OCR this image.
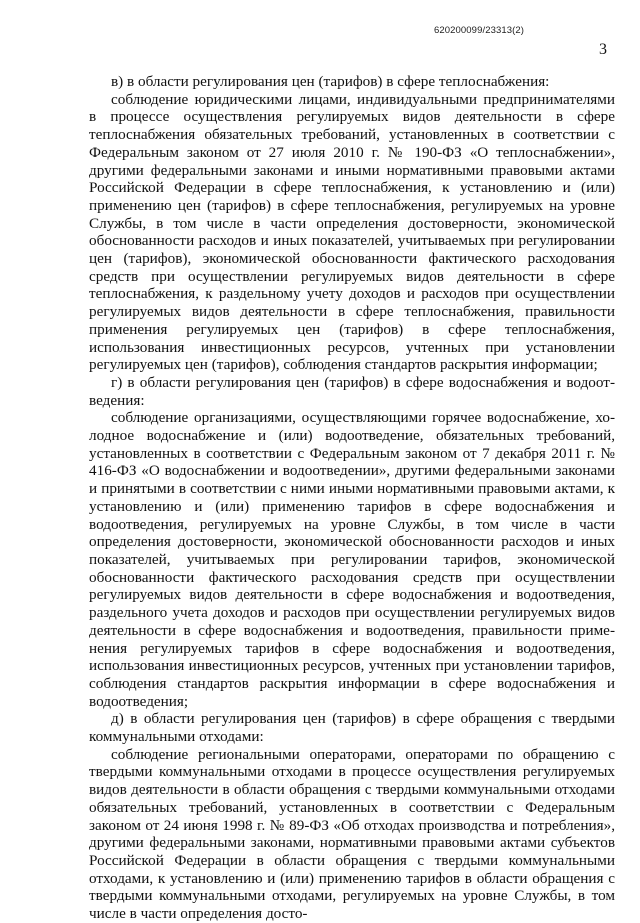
620200099/23313(2)
3

в) в области регулирования цен (тарифов) в сфере теплоснабжения:

соблюдение юридическими лицами, индивидуальными предпринимателями в процессе осуществления регулируемых видов деятельности в сфере теплоснабжения обязательных требований, установленных в соответствии с Федеральным законом от 27 июля 2010 г. № 190-ФЗ «О теплоснабжении», другими федеральными законами и иными нормативными правовыми актами Российской Федерации в сфере теплоснабжения, к установлению и (или) применению цен (тарифов) в сфере теплоснабжения, регулируемых на уровне Службы, в том числе в части определения достоверности, экономической обоснованности расходов и иных показателей, учитываемых при регулировании цен (тарифов), экономической обоснованности фактического расходования средств при осуществлении регулируемых видов деятельности в сфере теплоснабжения, к раздельному учету доходов и расходов при осуществлении регулируемых видов деятельности в сфере теплоснабжения, правильности применения регулируемых цен (тарифов) в сфере теплоснабжения, использования инвестиционных ресурсов, учтенных при установлении регулируемых цен (тарифов), соблюдения стандартов раскрытия информации;

г) в области регулирования цен (тарифов) в сфере водоснабжения и водоотведения:

соблюдение организациями, осуществляющими горячее водоснабжение, холодное водоснабжение и (или) водоотведение, обязательных требований, установленных в соответствии с Федеральным законом от 7 декабря 2011 г. № 416-ФЗ «О водоснабжении и водоотведении», другими федеральными законами и принятыми в соответствии с ними иными нормативными правовыми актами, к установлению и (или) применению тарифов в сфере водоснабжения и водоотведения, регулируемых на уровне Службы, в том числе в части определения достоверности, экономической обоснованности расходов и иных показателей, учитываемых при регулировании тарифов, экономической обоснованности фактического расходования средств при осуществлении регулируемых видов деятельности в сфере водоснабжения и водоотведения, раздельного учета доходов и расходов при осуществлении регулируемых видов деятельности в сфере водоснабжения и водоотведения, правильности применения регулируемых тарифов в сфере водоснабжения и водоотведения, использования инвестиционных ресурсов, учтенных при установлении тарифов, соблюдения стандартов раскрытия информации в сфере водоснабжения и водоотведения;

д) в области регулирования цен (тарифов) в сфере обращения с твердыми коммунальными отходами:

соблюдение региональными операторами, операторами по обращению с твердыми коммунальными отходами в процессе осуществления регулируемых видов деятельности в области обращения с твердыми коммунальными отходами обязательных требований, установленных в соответствии с Федеральным законом от 24 июня 1998 г. № 89-ФЗ «Об отходах производства и потребления», другими федеральными законами, нормативными правовыми актами субъектов Российской Федерации в области обращения с твердыми коммунальными отходами, к установлению и (или) применению тарифов в области обращения с твердыми коммунальными отходами, регулируемых на уровне Службы, в том числе в части определения досто-
